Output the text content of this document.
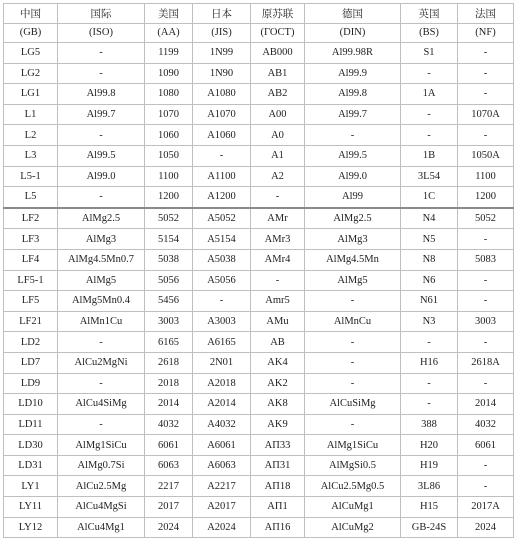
中国	国际	美国	日本	原苏联	德国	英国	法国
(GB)	(ISO)	(AA)	(JIS)	(ГОСТ)	(DIN)	(BS)	(NF)
LG5	-	1199	1N99	AB000	Al99.98R	S1	-
LG2	-	1090	1N90	AB1	Al99.9	-	-
LG1	Al99.8	1080	A1080	AB2	Al99.8	1A	-
L1	Al99.7	1070	A1070	A00	Al99.7	-	1070A
L2	-	1060	A1060	A0	-	-	-
L3	Al99.5	1050	-	A1	Al99.5	1B	1050A
L5-1	Al99.0	1100	A1100	A2	Al99.0	3L54	1100
L5	-	1200	A1200	-	Al99	1C	1200
LF2	AlMg2.5	5052	A5052	AMr	AlMg2.5	N4	5052
LF3	AlMg3	5154	A5154	AMr3	AlMg3	N5	-
LF4	AlMg4.5Mn0.7	5038	A5038	AMr4	AlMg4.5Mn	N8	5083
LF5-1	AlMg5	5056	A5056	-	AlMg5	N6	-
LF5	AlMg5Mn0.4	5456	-	Amr5	-	N61	-
LF21	AlMn1Cu	3003	A3003	AMu	AlMnCu	N3	3003
LD2	-	6165	A6165	AB	-	-	-
LD7	AlCu2MgNi	2618	2N01	AK4	-	H16	2618A
LD9	-	2018	A2018	AK2	-	-	-
LD10	AlCu4SiMg	2014	A2014	AK8	AlCuSiMg	-	2014
LD11	-	4032	A4032	AK9	-	388	4032
LD30	AlMg1SiCu	6061	A6061	AП33	AlMg1SiCu	H20	6061
LD31	AlMg0.7Si	6063	A6063	AП31	AlMgSi0.5	H19	-
LY1	AlCu2.5Mg	2217	A2217	AП18	AlCu2.5Mg0.5	3L86	-
LY11	AlCu4MgSi	2017	A2017	AП1	AlCuMg1	H15	2017A
LY12	AlCu4Mg1	2024	A2024	AП16	AlCuMg2	GB-24S	2024
